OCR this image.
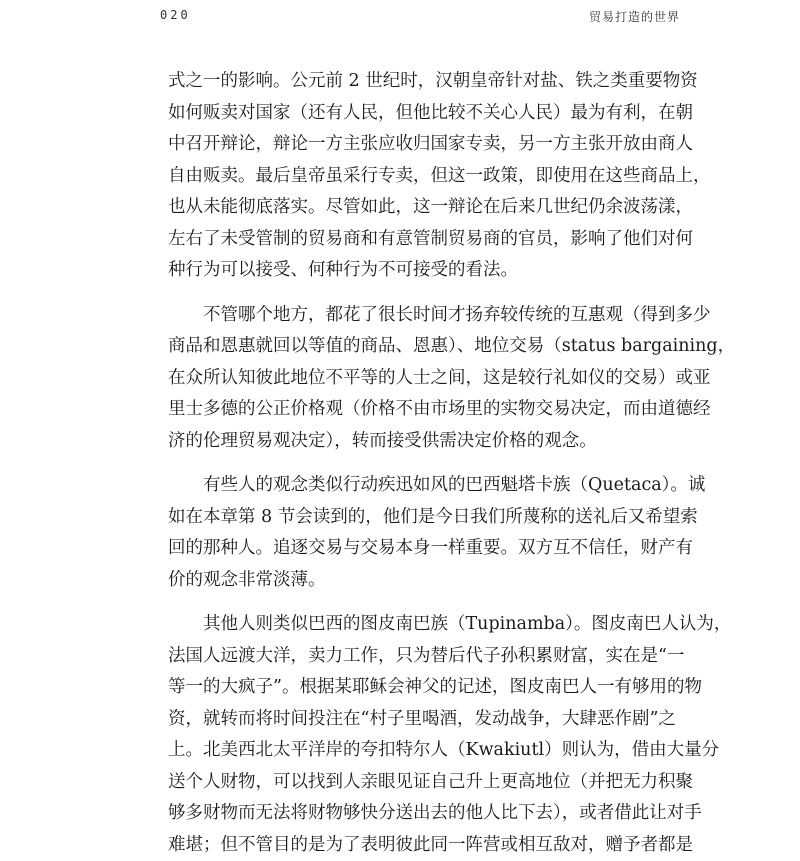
020	贸易打造的世界
式之一的影响。公元前 2 世纪时，汉朝皇帝针对盐、铁之类重要物资
如何贩卖对国家（还有人民，但他比较不关心人民）最为有利，在朝
中召开辩论，辩论一方主张应收归国家专卖，另一方主张开放由商人
自由贩卖。最后皇帝虽采行专卖，但这一政策，即使用在这些商品上，
也从未能彻底落实。尽管如此，这一辩论在后来几世纪仍余波荡漾，
左右了未受管制的贸易商和有意管制贸易商的官员，影响了他们对何
种行为可以接受、何种行为不可接受的看法。
　　不管哪个地方，都花了很长时间才扬弃较传统的互惠观（得到多少
商品和恩惠就回以等值的商品、恩惠）、地位交易（status bargaining，
在众所认知彼此地位不平等的人士之间，这是较行礼如仪的交易）或亚
里士多德的公正价格观（价格不由市场里的实物交易决定，而由道德经
济的伦理贸易观决定），转而接受供需决定价格的观念。
　　有些人的观念类似行动疾迅如风的巴西魁塔卡族（Quetaca）。诚
如在本章第 8 节会读到的，他们是今日我们所蔑称的送礼后又希望索
回的那种人。追逐交易与交易本身一样重要。双方互不信任，财产有
价的观念非常淡薄。
　　其他人则类似巴西的图皮南巴族（Tupinamba）。图皮南巴人认为，
法国人远渡大洋，卖力工作，只为替后代子孙积累财富，实在是“一
等一的大疯子”。根据某耶稣会神父的记述，图皮南巴人一有够用的物
资，就转而将时间投注在“村子里喝酒，发动战争，大肆恶作剧”之
上。北美西北太平洋岸的夸扣特尔人（Kwakiutl）则认为，借由大量分
送个人财物，可以找到人亲眼见证自己升上更高地位（并把无力积聚
够多财物而无法将财物够快分送出去的他人比下去），或者借此让对手
难堪；但不管目的是为了表明彼此同一阵营或相互敌对，赠予者都是
